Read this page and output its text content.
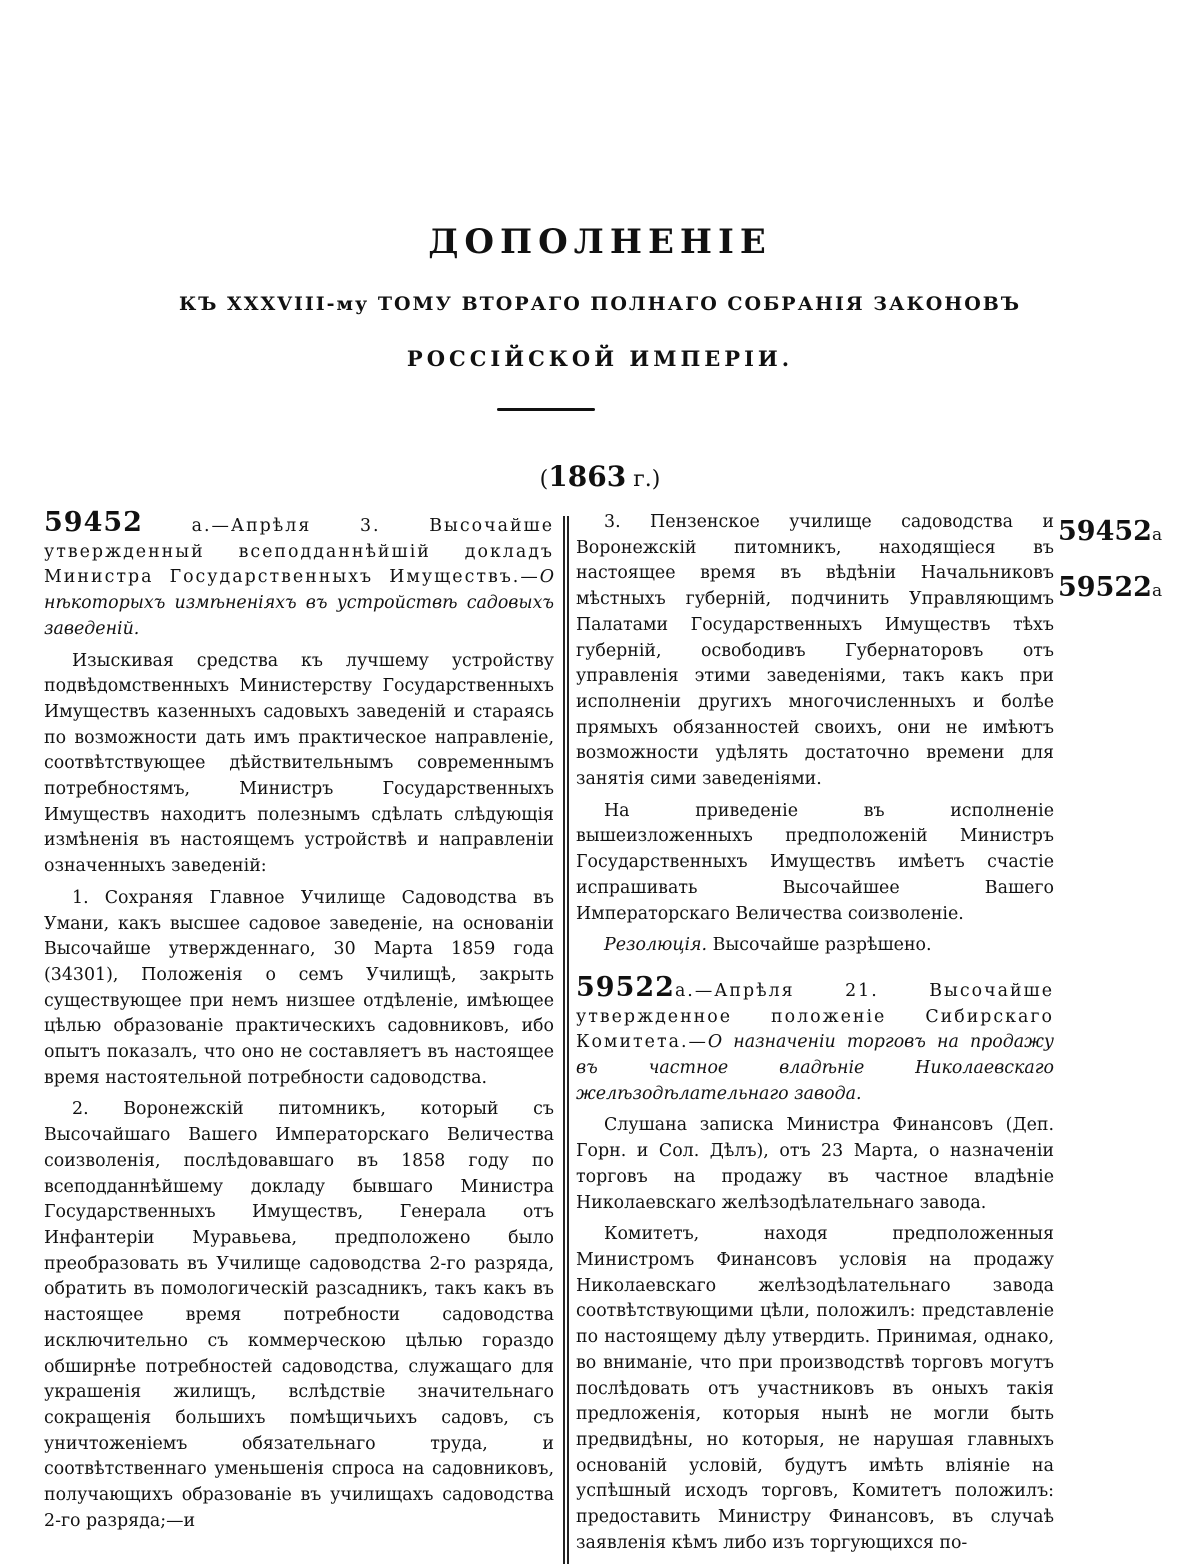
ДОПОЛНЕНІЕ
КЪ XXXVIII-му ТОМУ ВТОРАГО ПОЛНАГО СОБРАНІЯ ЗАКОНОВЪ
РОССІЙСКОЙ ИМПЕРІИ.
(1863 г.)

59452 а.—Апрѣля 3. Высочайше утвержденный всеподданнѣйшій докладъ Министра Государственныхъ Имуществъ.—О нѣкоторыхъ измѣненіяхъ въ устройствѣ садовыхъ заведеній.

Изыскивая средства къ лучшему устройству подвѣдомственныхъ Министерству Государственныхъ Имуществъ казенныхъ садовыхъ заведеній и стараясь по возможности дать имъ практическое направленіе, соотвѣтствующее дѣйствительнымъ современнымъ потребностямъ, Министръ Государственныхъ Имуществъ находитъ полезнымъ сдѣлать слѣдующія измѣненія въ настоящемъ устройствѣ и направленіи означенныхъ заведеній:

1. Сохраняя Главное Училище Садоводства въ Умани, какъ высшее садовое заведеніе, на основаніи Высочайше утвержденнаго, 30 Марта 1859 года (34301), Положенія о семъ Училищѣ, закрыть существующее при немъ низшее отдѣленіе, имѣющее цѣлью образованіе практическихъ садовниковъ, ибо опытъ показалъ, что оно не составляетъ въ настоящее время настоятельной потребности садоводства.

2. Воронежскій питомникъ, который съ Высочайшаго Вашего Императорскаго Величества соизволенія, послѣдовавшаго въ 1858 году по всеподданнѣйшему докладу бывшаго Министра Государственныхъ Имуществъ, Генерала отъ Инфантеріи Муравьева, предположено было преобразовать въ Училище садоводства 2-го разряда, обратить въ помологическій разсадникъ, такъ какъ въ настоящее время потребности садоводства исключительно съ коммерческою цѣлью гораздо обширнѣе потребностей садоводства, служащаго для украшенія жилищъ, вслѣдствіе значительнаго сокращенія большихъ помѣщичьихъ садовъ, съ уничтоженіемъ обязательнаго труда, и соотвѣтственнаго уменьшенія спроса на садовниковъ, получающихъ образованіе въ училищахъ садоводства 2-го разряда;—и

3. Пензенское училище садоводства и Воронежскій питомникъ, находящіеся въ настоящее время въ вѣдѣніи Начальниковъ мѣстныхъ губерній, подчинить Управляющимъ Палатами Государственныхъ Имуществъ тѣхъ губерній, освободивъ Губернаторовъ отъ управленія этими заведеніями, такъ какъ при исполненіи другихъ многочисленныхъ и болѣе прямыхъ обязанностей своихъ, они не имѣютъ возможности удѣлять достаточно времени для занятія сими заведеніями.

На приведеніе въ исполненіе вышеизложенныхъ предположеній Министръ Государственныхъ Имуществъ имѣетъ счастіе испрашивать Высочайшее Вашего Императорскаго Величества соизволеніе.

Резолюція. Высочайше разрѣшено.

59522а.—Апрѣля 21. Высочайше утвержденное положеніе Сибирскаго Комитета.—О назначеніи торговъ на продажу въ частное владѣніе Николаевскаго желѣзодѣлательнаго завода.

Слушана записка Министра Финансовъ (Деп. Горн. и Сол. Дѣлъ), отъ 23 Марта, о назначеніи торговъ на продажу въ частное владѣніе Николаевскаго желѣзодѣлательнаго завода.

Комитетъ, находя предположенныя Министромъ Финансовъ условія на продажу Николаевскаго желѣзодѣлательнаго завода соотвѣтствующими цѣли, положилъ: представленіе по настоящему дѣлу утвердить. Принимая, однако, во вниманіе, что при производствѣ торговъ могутъ послѣдовать отъ участниковъ въ оныхъ такія предложенія, которыя нынѣ не могли быть предвидѣны, но которыя, не нарушая главныхъ основаній условій, будутъ имѣть вліяніе на успѣшный исходъ торговъ, Комитетъ положилъ: предоставить Министру Финансовъ, въ случаѣ заявленія кѣмъ либо изъ торгующихся по-

59452а
59522а
